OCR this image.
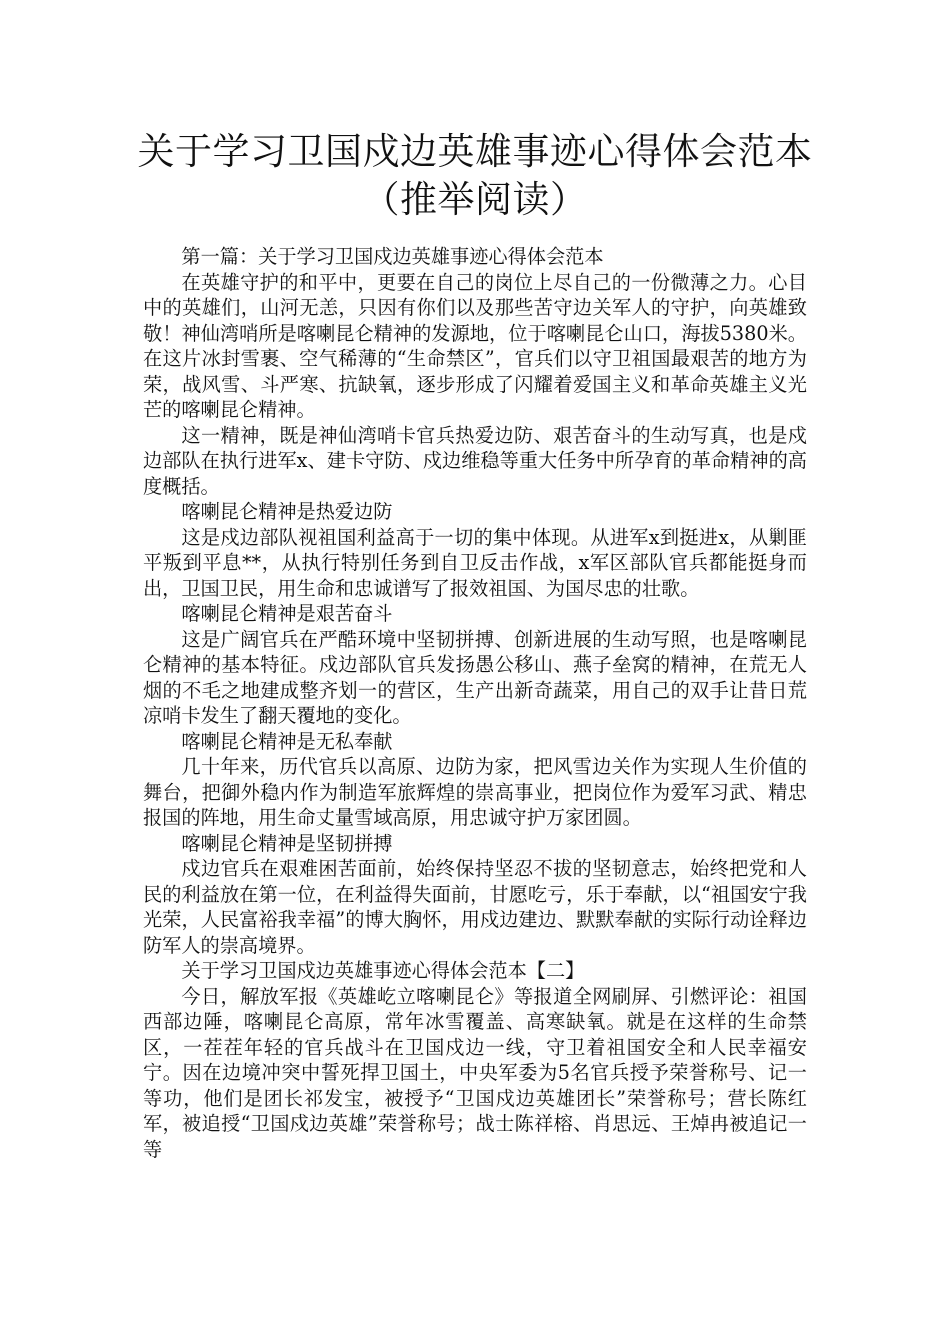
关于学习卫国戍边英雄事迹心得体会范本
（推举阅读）

第一篇：关于学习卫国戍边英雄事迹心得体会范本

在英雄守护的和平中，更要在自己的岗位上尽自己的一份微薄之力。心目中的英雄们，山河无恙，只因有你们以及那些苦守边关军人的守护，向英雄致敬！神仙湾哨所是喀喇昆仑精神的发源地，位于喀喇昆仑山口，海拔5380米。在这片冰封雪裹、空气稀薄的“生命禁区”，官兵们以守卫祖国最艰苦的地方为荣，战风雪、斗严寒、抗缺氧，逐步形成了闪耀着爱国主义和革命英雄主义光芒的喀喇昆仑精神。

这一精神，既是神仙湾哨卡官兵热爱边防、艰苦奋斗的生动写真，也是戍边部队在执行进军x、建卡守防、戍边维稳等重大任务中所孕育的革命精神的高度概括。

喀喇昆仑精神是热爱边防

这是戍边部队视祖国利益高于一切的集中体现。从进军x到挺进x，从剿匪平叛到平息**，从执行特别任务到自卫反击作战，x军区部队官兵都能挺身而出，卫国卫民，用生命和忠诚谱写了报效祖国、为国尽忠的壮歌。

喀喇昆仑精神是艰苦奋斗

这是广阔官兵在严酷环境中坚韧拼搏、创新进展的生动写照，也是喀喇昆仑精神的基本特征。戍边部队官兵发扬愚公移山、燕子垒窝的精神，在荒无人烟的不毛之地建成整齐划一的营区，生产出新奇蔬菜，用自己的双手让昔日荒凉哨卡发生了翻天覆地的变化。

喀喇昆仑精神是无私奉献

几十年来，历代官兵以高原、边防为家，把风雪边关作为实现人生价值的舞台，把御外稳内作为制造军旅辉煌的崇高事业，把岗位作为爱军习武、精忠报国的阵地，用生命丈量雪域高原，用忠诚守护万家团圆。

喀喇昆仑精神是坚韧拼搏

戍边官兵在艰难困苦面前，始终保持坚忍不拔的坚韧意志，始终把党和人民的利益放在第一位，在利益得失面前，甘愿吃亏，乐于奉献，以“祖国安宁我光荣，人民富裕我幸福”的博大胸怀，用戍边建边、默默奉献的实际行动诠释边防军人的崇高境界。

关于学习卫国戍边英雄事迹心得体会范本【二】

今日，解放军报《英雄屹立喀喇昆仑》等报道全网刷屏、引燃评论：祖国西部边陲，喀喇昆仑高原，常年冰雪覆盖、高寒缺氧。就是在这样的生命禁区，一茬茬年轻的官兵战斗在卫国戍边一线，守卫着祖国安全和人民幸福安宁。因在边境冲突中誓死捍卫国土，中央军委为5名官兵授予荣誉称号、记一等功，他们是团长祁发宝，被授予“卫国戍边英雄团长”荣誉称号；营长陈红军，被追授“卫国戍边英雄”荣誉称号；战士陈祥榕、肖思远、王焯冉被追记一等
